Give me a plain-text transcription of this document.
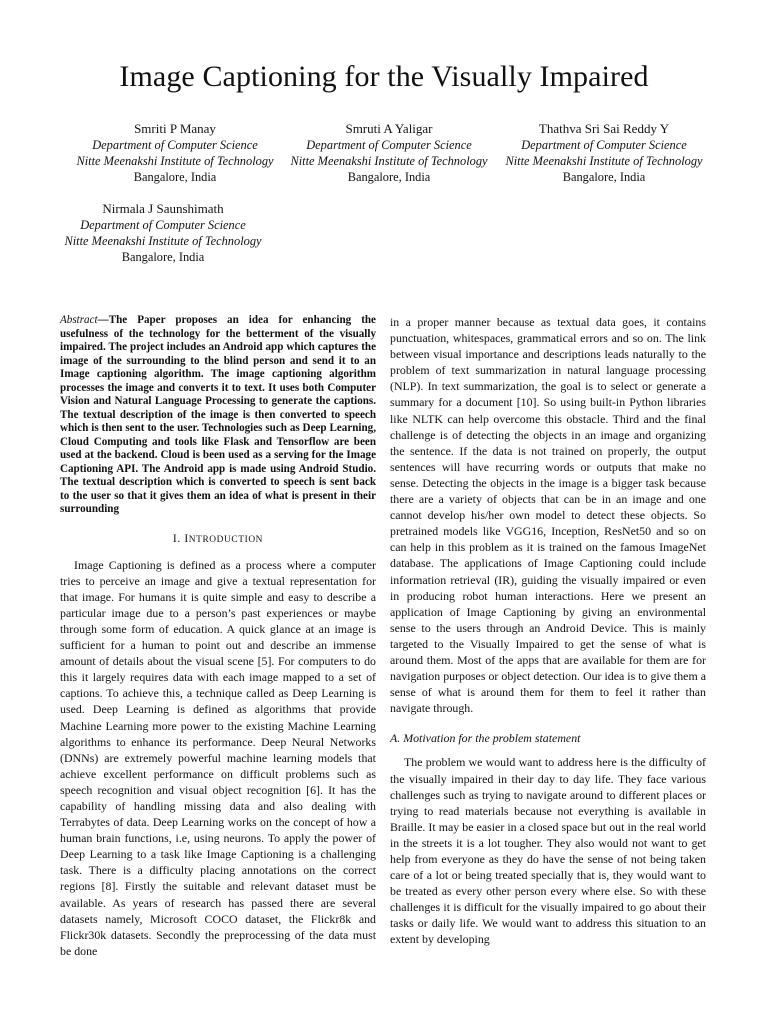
Image Captioning for the Visually Impaired
Smriti P Manay
Department of Computer Science
Nitte Meenakshi Institute of Technology
Bangalore, India
Smruti A Yaligar
Department of Computer Science
Nitte Meenakshi Institute of Technology
Bangalore, India
Thathva Sri Sai Reddy Y
Department of Computer Science
Nitte Meenakshi Institute of Technology
Bangalore, India
Nirmala J Saunshimath
Department of Computer Science
Nitte Meenakshi Institute of Technology
Bangalore, India

Abstract—The Paper proposes an idea for enhancing the usefulness of the technology for the betterment of the visually impaired. The project includes an Android app which captures the image of the surrounding to the blind person and send it to an Image captioning algorithm. The image captioning algorithm processes the image and converts it to text. It uses both Computer Vision and Natural Language Processing to generate the captions. The textual description of the image is then converted to speech which is then sent to the user. Technologies such as Deep Learning, Cloud Computing and tools like Flask and Tensorflow are been used at the backend. Cloud is been used as a serving for the Image Captioning API. The Android app is made using Android Studio. The textual description which is converted to speech is sent back to the user so that it gives them an idea of what is present in their surrounding

I. INTRODUCTION

Image Captioning is defined as a process where a computer tries to perceive an image and give a textual representation for that image. For humans it is quite simple and easy to describe a particular image due to a person’s past experiences or maybe through some form of education. A quick glance at an image is sufficient for a human to point out and describe an immense amount of details about the visual scene [5]. For computers to do this it largely requires data with each image mapped to a set of captions. To achieve this, a technique called as Deep Learning is used. Deep Learning is defined as algorithms that provide Machine Learning more power to the existing Machine Learning algorithms to enhance its performance. Deep Neural Networks (DNNs) are extremely powerful machine learning models that achieve excellent performance on difficult problems such as speech recognition and visual object recognition [6]. It has the capability of handling missing data and also dealing with Terrabytes of data. Deep Learning works on the concept of how a human brain functions, i.e, using neurons. To apply the power of Deep Learning to a task like Image Captioning is a challenging task. There is a difficulty placing annotations on the correct regions [8]. Firstly the suitable and relevant dataset must be available. As years of research has passed there are several datasets namely, Microsoft COCO dataset, the Flickr8k and Flickr30k datasets. Secondly the preprocessing of the data must be done

in a proper manner because as textual data goes, it contains punctuation, whitespaces, grammatical errors and so on. The link between visual importance and descriptions leads naturally to the problem of text summarization in natural language processing (NLP). In text summarization, the goal is to select or generate a summary for a document [10]. So using built-in Python libraries like NLTK can help overcome this obstacle. Third and the final challenge is of detecting the objects in an image and organizing the sentence. If the data is not trained on properly, the output sentences will have recurring words or outputs that make no sense. Detecting the objects in the image is a bigger task because there are a variety of objects that can be in an image and one cannot develop his/her own model to detect these objects. So pretrained models like VGG16, Inception, ResNet50 and so on can help in this problem as it is trained on the famous ImageNet database. The applications of Image Captioning could include information retrieval (IR), guiding the visually impaired or even in producing robot human interactions. Here we present an application of Image Captioning by giving an environmental sense to the users through an Android Device. This is mainly targeted to the Visually Impaired to get the sense of what is around them. Most of the apps that are available for them are for navigation purposes or object detection. Our idea is to give them a sense of what is around them for them to feel it rather than navigate through.

A. Motivation for the problem statement

The problem we would want to address here is the difficulty of the visually impaired in their day to day life. They face various challenges such as trying to navigate around to different places or trying to read materials because not everything is available in Braille. It may be easier in a closed space but out in the real world in the streets it is a lot tougher. They also would not want to get help from everyone as they do have the sense of not being taken care of a lot or being treated specially that is, they would want to be treated as every other person every where else. So with these challenges it is difficult for the visually impaired to go about their tasks or daily life. We would want to address this situation to an extent by developing
